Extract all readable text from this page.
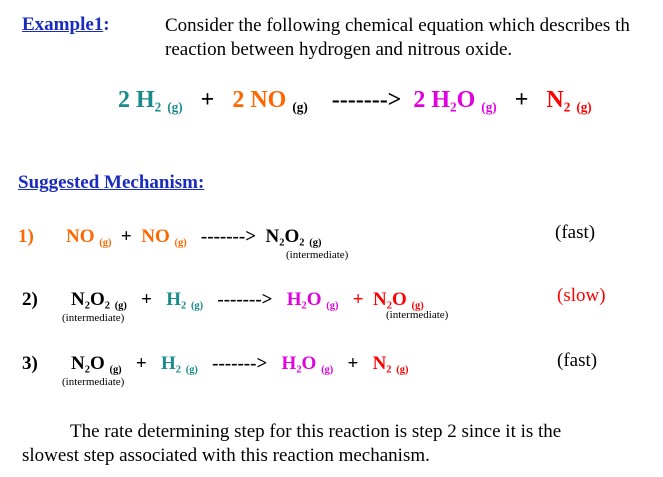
Example1:	Consider the following chemical equation which describes th
reaction between hydrogen and nitrous oxide.
2 $H_2$ $_{(g)}$ + 2 NO $_{(g)}$ -------> 2 $H_2O$ $_{(g)} + N_2$ $_{(g)}$
Suggested Mechanism:
1) NO $_{(g)}$ + NO $_{(g)}$ -------> $N_2O_2$ $_{(g)}$
(intermediate)
(fast)
2) $N_2O_2$ $_{(g)} + H_2$ $_{(g)}$ -------> $H_2O$ $_{(g)} + N_2O$ $_{(g)}$
(intermediate)	(intermediate)
(slow)
3) $N_2O$ $_{(g)} + H_2$ $_{(g)}$ -------> $H_2O$ $_{(g)} + N_2$ $_{(g)}$
(intermediate)
(fast)
The rate determining step for this reaction is step 2 since it is the
slowest step associated with this reaction mechanism.
